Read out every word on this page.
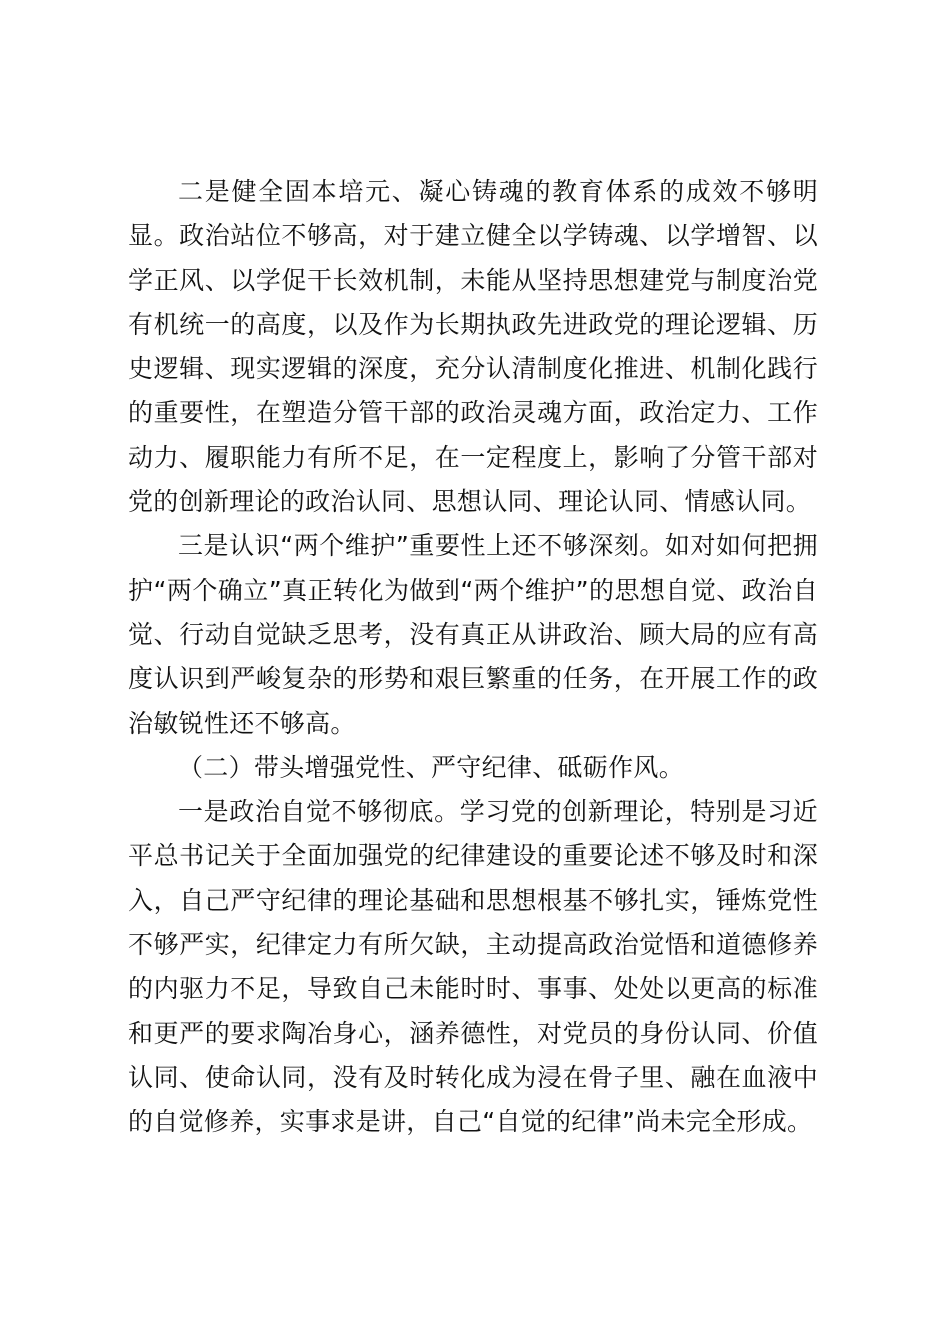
二是健全固本培元、凝心铸魂的教育体系的成效不够明显。政治站位不够高，对于建立健全以学铸魂、以学增智、以学正风、以学促干长效机制，未能从坚持思想建党与制度治党有机统一的高度，以及作为长期执政先进政党的理论逻辑、历史逻辑、现实逻辑的深度，充分认清制度化推进、机制化践行的重要性，在塑造分管干部的政治灵魂方面，政治定力、工作动力、履职能力有所不足，在一定程度上，影响了分管干部对党的创新理论的政治认同、思想认同、理论认同、情感认同。

三是认识“两个维护”重要性上还不够深刻。如对如何把拥护“两个确立”真正转化为做到“两个维护”的思想自觉、政治自觉、行动自觉缺乏思考，没有真正从讲政治、顾大局的应有高度认识到严峻复杂的形势和艰巨繁重的任务，在开展工作的政治敏锐性还不够高。

（二）带头增强党性、严守纪律、砥砺作风。

一是政治自觉不够彻底。学习党的创新理论，特别是习近平总书记关于全面加强党的纪律建设的重要论述不够及时和深入，自己严守纪律的理论基础和思想根基不够扎实，锤炼党性不够严实，纪律定力有所欠缺，主动提高政治觉悟和道德修养的内驱力不足，导致自己未能时时、事事、处处以更高的标准和更严的要求陶冶身心，涵养德性，对党员的身份认同、价值认同、使命认同，没有及时转化成为浸在骨子里、融在血液中的自觉修养，实事求是讲，自己“自觉的纪律”尚未完全形成。
